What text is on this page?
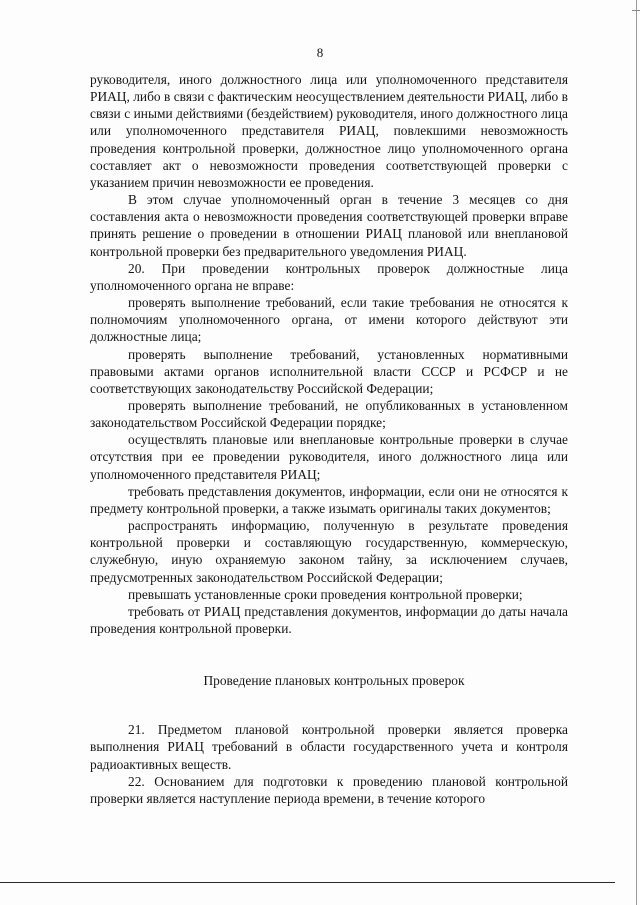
8

руководителя, иного должностного лица или уполномоченного представителя РИАЦ, либо в связи с фактическим неосуществлением деятельности РИАЦ, либо в связи с иными действиями (бездействием) руководителя, иного должностного лица или уполномоченного представителя РИАЦ, повлекшими невозможность проведения контрольной проверки, должностное лицо уполномоченного органа составляет акт о невозможности проведения соответствующей проверки с указанием причин невозможности ее проведения.

В этом случае уполномоченный орган в течение 3 месяцев со дня составления акта о невозможности проведения соответствующей проверки вправе принять решение о проведении в отношении РИАЦ плановой или внеплановой контрольной проверки без предварительного уведомления РИАЦ.

20. При проведении контрольных проверок должностные лица уполномоченного органа не вправе:

проверять выполнение требований, если такие требования не относятся к полномочиям уполномоченного органа, от имени которого действуют эти должностные лица;

проверять выполнение требований, установленных нормативными правовыми актами органов исполнительной власти СССР и РСФСР и не соответствующих законодательству Российской Федерации;

проверять выполнение требований, не опубликованных в установленном законодательством Российской Федерации порядке;

осуществлять плановые или внеплановые контрольные проверки в случае отсутствия при ее проведении руководителя, иного должностного лица или уполномоченного представителя РИАЦ;

требовать представления документов, информации, если они не относятся к предмету контрольной проверки, а также изымать оригиналы таких документов;

распространять информацию, полученную в результате проведения контрольной проверки и составляющую государственную, коммерческую, служебную, иную охраняемую законом тайну, за исключением случаев, предусмотренных законодательством Российской Федерации;

превышать установленные сроки проведения контрольной проверки;

требовать от РИАЦ представления документов, информации до даты начала проведения контрольной проверки.

Проведение плановых контрольных проверок

21. Предметом плановой контрольной проверки является проверка выполнения РИАЦ требований в области государственного учета и контроля радиоактивных веществ.

22. Основанием для подготовки к проведению плановой контрольной проверки является наступление периода времени, в течение которого
